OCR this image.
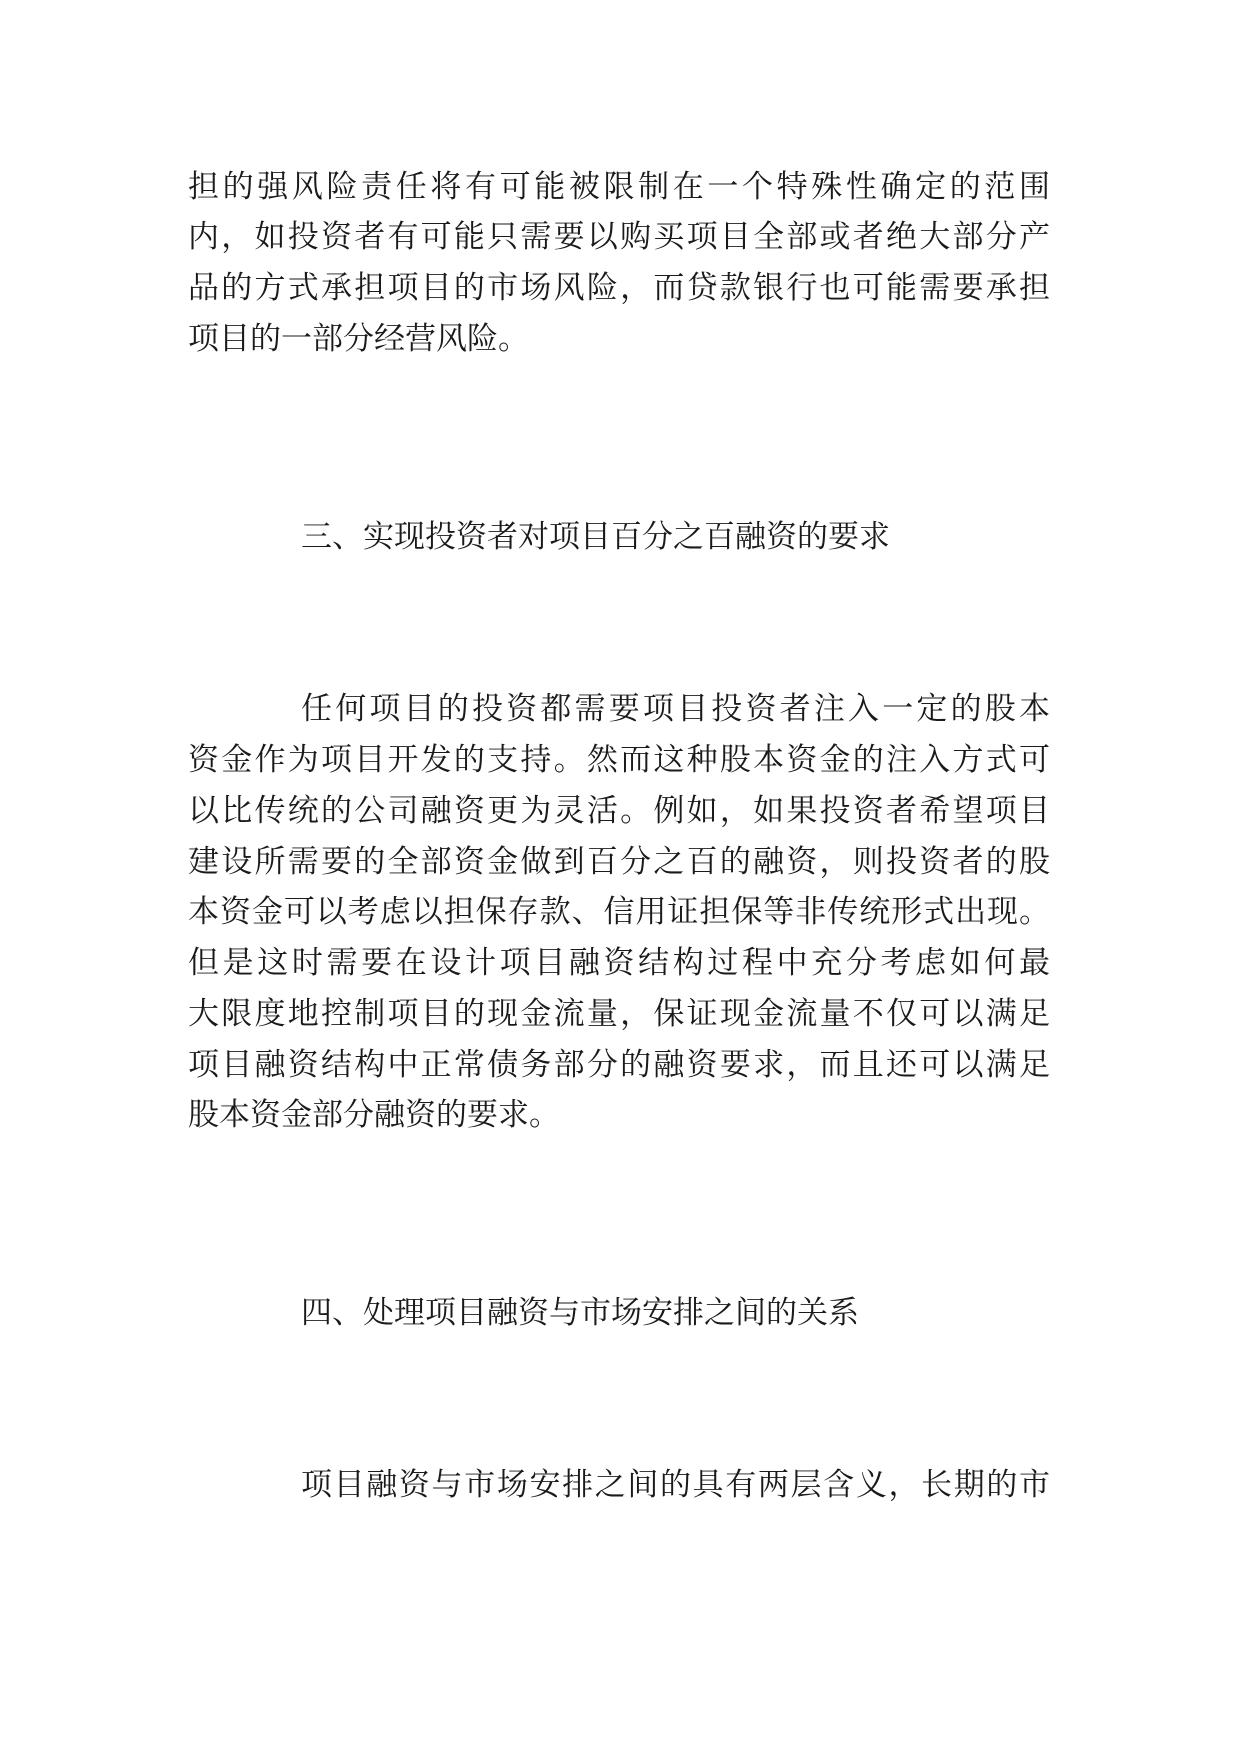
担的强风险责任将有可能被限制在一个特殊性确定的范围
内，如投资者有可能只需要以购买项目全部或者绝大部分产
品的方式承担项目的市场风险，而贷款银行也可能需要承担
项目的一部分经营风险。
三、实现投资者对项目百分之百融资的要求
任何项目的投资都需要项目投资者注入一定的股本
资金作为项目开发的支持。然而这种股本资金的注入方式可
以比传统的公司融资更为灵活。例如，如果投资者希望项目
建设所需要的全部资金做到百分之百的融资，则投资者的股
本资金可以考虑以担保存款、信用证担保等非传统形式出现。
但是这时需要在设计项目融资结构过程中充分考虑如何最
大限度地控制项目的现金流量，保证现金流量不仅可以满足
项目融资结构中正常债务部分的融资要求，而且还可以满足
股本资金部分融资的要求。
四、处理项目融资与市场安排之间的关系
项目融资与市场安排之间的具有两层含义，长期的市
